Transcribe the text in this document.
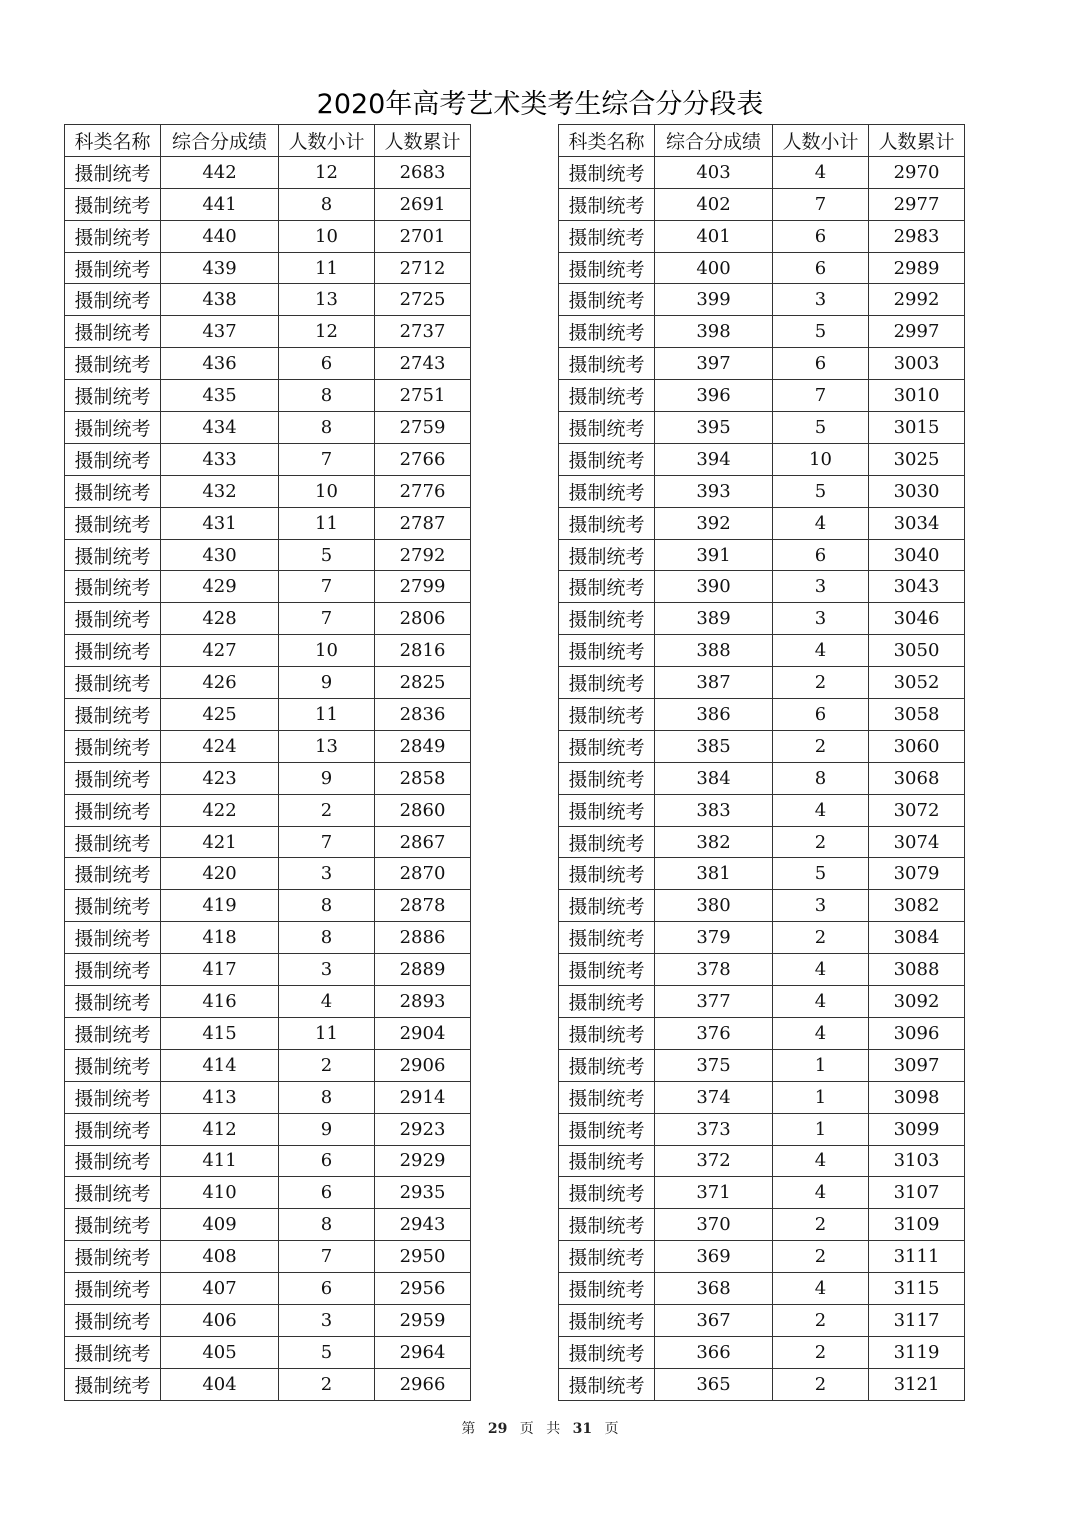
2020年高考艺术类考生综合分分段表
科类名称	综合分成绩	人数小计	人数累计
摄制统考	442	12	2683
摄制统考	441	8	2691
摄制统考	440	10	2701
摄制统考	439	11	2712
摄制统考	438	13	2725
摄制统考	437	12	2737
摄制统考	436	6	2743
摄制统考	435	8	2751
摄制统考	434	8	2759
摄制统考	433	7	2766
摄制统考	432	10	2776
摄制统考	431	11	2787
摄制统考	430	5	2792
摄制统考	429	7	2799
摄制统考	428	7	2806
摄制统考	427	10	2816
摄制统考	426	9	2825
摄制统考	425	11	2836
摄制统考	424	13	2849
摄制统考	423	9	2858
摄制统考	422	2	2860
摄制统考	421	7	2867
摄制统考	420	3	2870
摄制统考	419	8	2878
摄制统考	418	8	2886
摄制统考	417	3	2889
摄制统考	416	4	2893
摄制统考	415	11	2904
摄制统考	414	2	2906
摄制统考	413	8	2914
摄制统考	412	9	2923
摄制统考	411	6	2929
摄制统考	410	6	2935
摄制统考	409	8	2943
摄制统考	408	7	2950
摄制统考	407	6	2956
摄制统考	406	3	2959
摄制统考	405	5	2964
摄制统考	404	2	2966
科类名称	综合分成绩	人数小计	人数累计
摄制统考	403	4	2970
摄制统考	402	7	2977
摄制统考	401	6	2983
摄制统考	400	6	2989
摄制统考	399	3	2992
摄制统考	398	5	2997
摄制统考	397	6	3003
摄制统考	396	7	3010
摄制统考	395	5	3015
摄制统考	394	10	3025
摄制统考	393	5	3030
摄制统考	392	4	3034
摄制统考	391	6	3040
摄制统考	390	3	3043
摄制统考	389	3	3046
摄制统考	388	4	3050
摄制统考	387	2	3052
摄制统考	386	6	3058
摄制统考	385	2	3060
摄制统考	384	8	3068
摄制统考	383	4	3072
摄制统考	382	2	3074
摄制统考	381	5	3079
摄制统考	380	3	3082
摄制统考	379	2	3084
摄制统考	378	4	3088
摄制统考	377	4	3092
摄制统考	376	4	3096
摄制统考	375	1	3097
摄制统考	374	1	3098
摄制统考	373	1	3099
摄制统考	372	4	3103
摄制统考	371	4	3107
摄制统考	370	2	3109
摄制统考	369	2	3111
摄制统考	368	4	3115
摄制统考	367	2	3117
摄制统考	366	2	3119
摄制统考	365	2	3121
第 29 页 共 31 页
